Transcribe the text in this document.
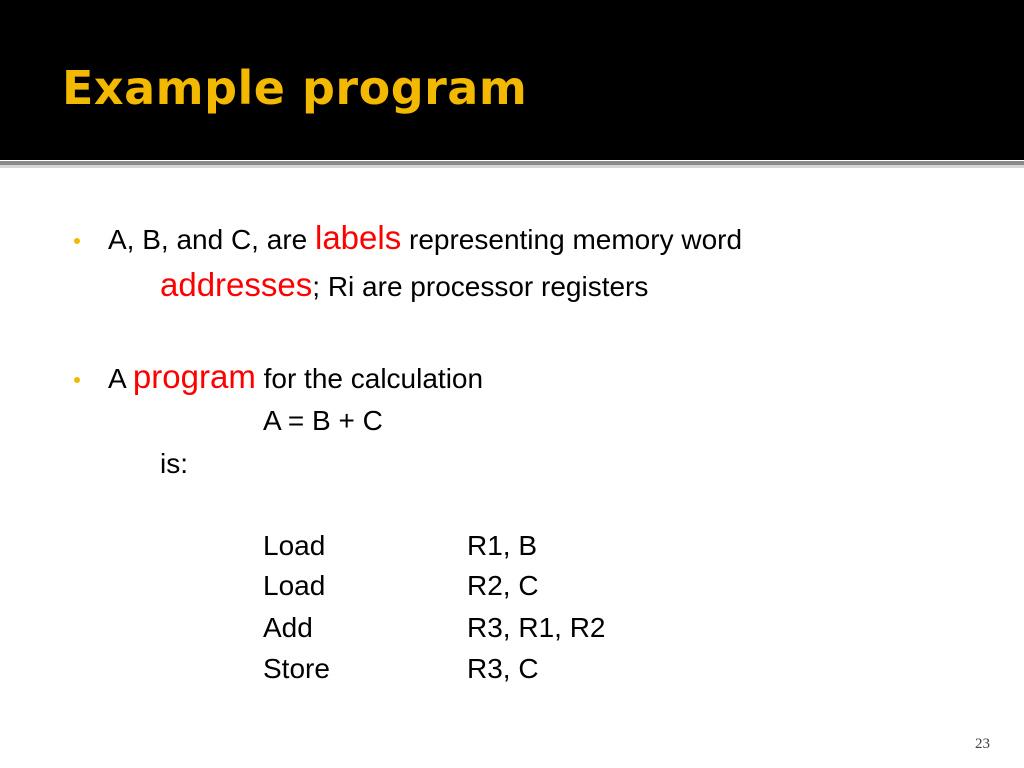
Example program
A, B, and C, are labels representing memory word
addresses; Ri are processor registers
A program for the calculation
A = B + C
is:
Load	R1, B
Load	R2, C
Add	R3, R1, R2
Store	R3, C
23
